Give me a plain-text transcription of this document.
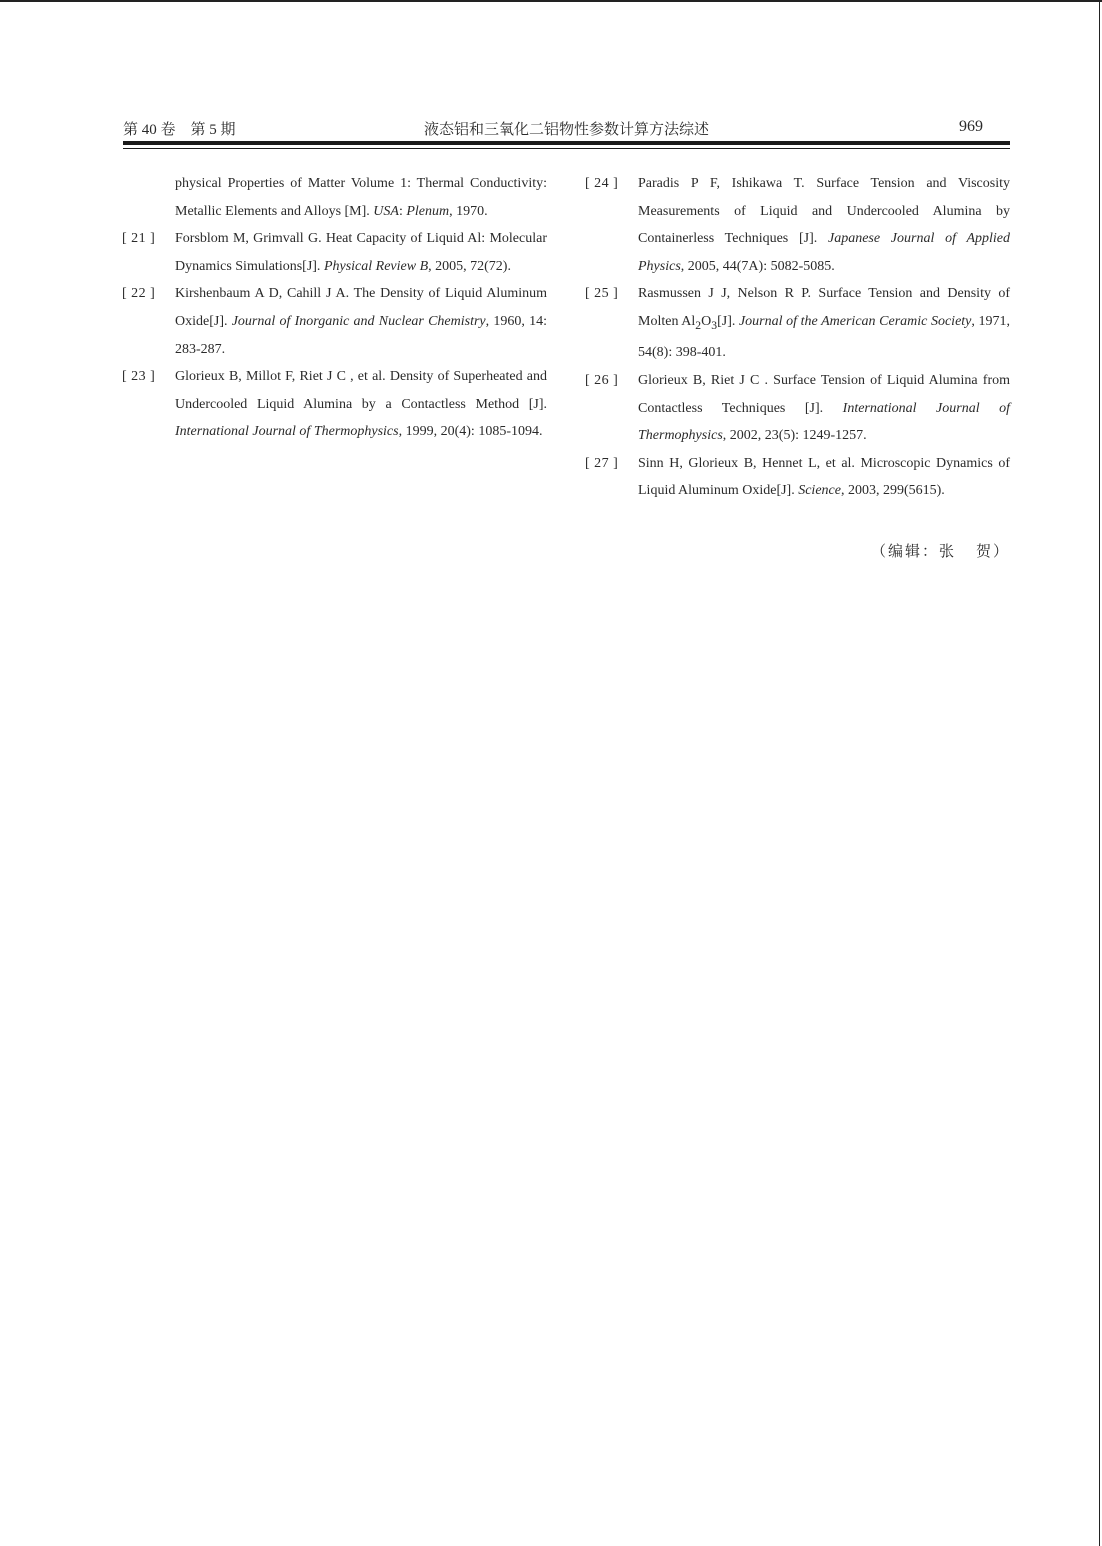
第 40 卷　第 5 期	液态铝和三氧化二铝物性参数计算方法综述	969

physical Properties of Matter Volume 1: Thermal Conductivity: Metallic Elements and Alloys [M]. USA: Plenum, 1970.

[ 21 ] Forsblom M, Grimvall G. Heat Capacity of Liquid Al: Molecular Dynamics Simulations[J]. Physical Review B, 2005, 72(72).

[ 22 ] Kirshenbaum A D, Cahill J A. The Density of Liquid Aluminum Oxide[J]. Journal of Inorganic and Nuclear Chemistry, 1960, 14: 283-287.

[ 23 ] Glorieux B, Millot F, Riet J C , et al. Density of Superheated and Undercooled Liquid Alumina by a Contactless Method [J]. International Journal of Thermophysics, 1999, 20(4): 1085-1094.

[ 24 ] Paradis P F, Ishikawa T. Surface Tension and Viscosity Measurements of Liquid and Undercooled Alumina by Containerless Techniques [J]. Japanese Journal of Applied Physics, 2005, 44(7A): 5082-5085.

[ 25 ] Rasmussen J J, Nelson R P. Surface Tension and Density of Molten $Al_2O_3[J]$. Journal of the American Ceramic Society, 1971, 54(8): 398-401.

[ 26 ] Glorieux B, Riet J C . Surface Tension of Liquid Alumina from Contactless Techniques [J]. International Journal of Thermophysics, 2002, 23(5): 1249-1257.

[ 27 ] Sinn H, Glorieux B, Hennet L, et al. Microscopic Dynamics of Liquid Aluminum Oxide[J]. Science, 2003, 299(5615).

（编辑：张 贺）
